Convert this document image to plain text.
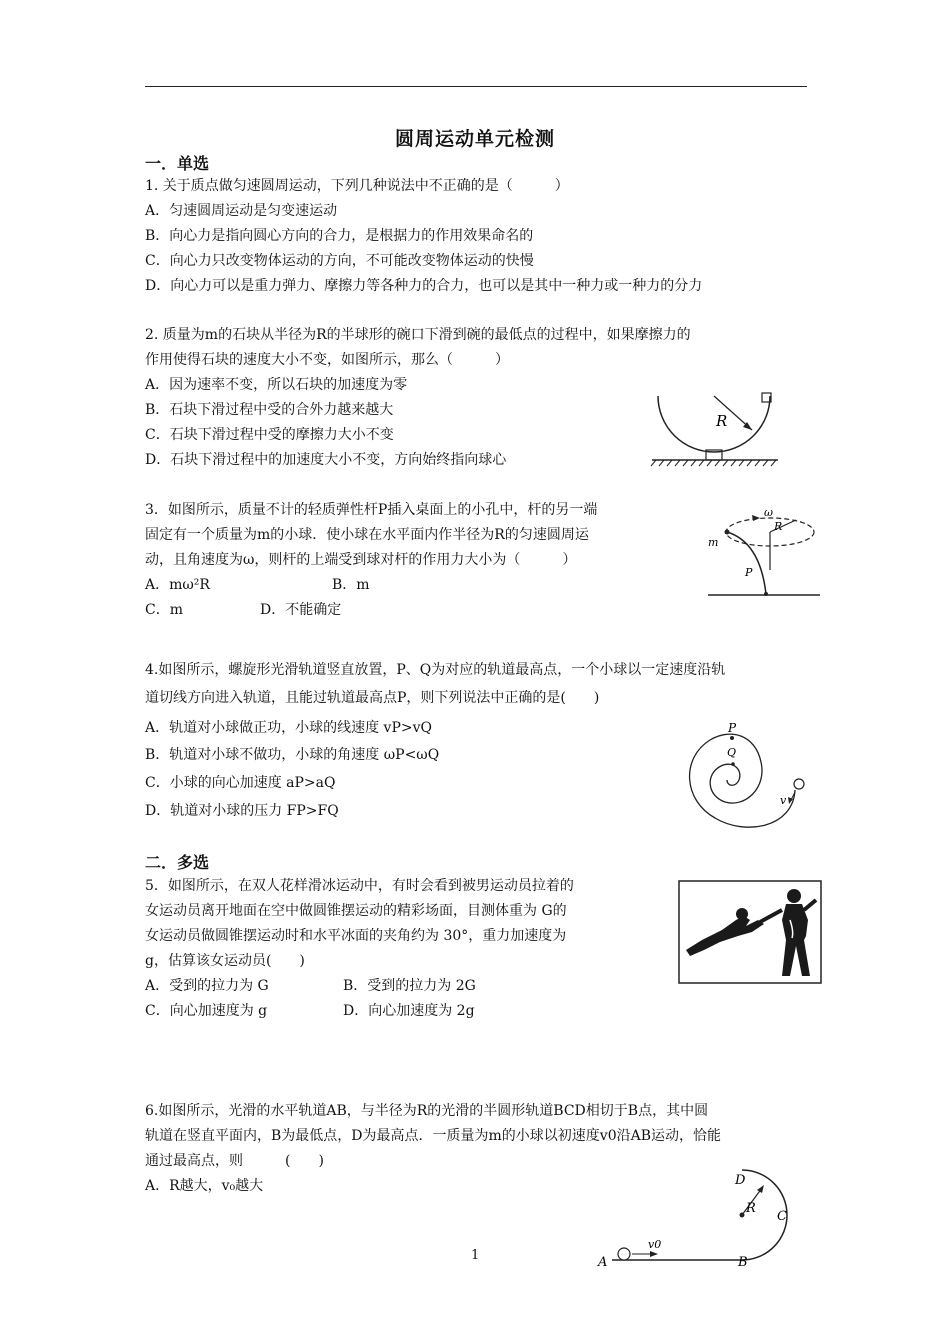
圆周运动单元检测
一．单选
1. 关于质点做匀速圆周运动，下列几种说法中不正确的是（　　　）
A．匀速圆周运动是匀变速运动
B．向心力是指向圆心方向的合力，是根据力的作用效果命名的
C．向心力只改变物体运动的方向，不可能改变物体运动的快慢
D．向心力可以是重力弹力、摩擦力等各种力的合力，也可以是其中一种力或一种力的分力
2. 质量为m的石块从半径为R的半球形的碗口下滑到碗的最低点的过程中，如果摩擦力的
作用使得石块的速度大小不变，如图所示，那么（　　　）
A．因为速率不变，所以石块的加速度为零
B．石块下滑过程中受的合外力越来越大
C．石块下滑过程中受的摩擦力大小不变
D．石块下滑过程中的加速度大小不变，方向始终指向球心
R
3．如图所示，质量不计的轻质弹性杆P插入桌面上的小孔中，杆的另一端
固定有一个质量为m的小球．使小球在水平面内作半径为R的匀速圆周运
动，且角速度为ω，则杆的上端受到球对杆的作用力大小为（　　　）
A．mω²R	B．m
C．m	D．不能确定
ω
R
m
P
4.如图所示，螺旋形光滑轨道竖直放置，P、Q为对应的轨道最高点，一个小球以一定速度沿轨
道切线方向进入轨道，且能过轨道最高点P，则下列说法中正确的是(　　)
A．轨道对小球做正功，小球的线速度 vP>vQ
B．轨道对小球不做功，小球的角速度 ωP<ωQ
C．小球的向心加速度 aP>aQ
D．轨道对小球的压力 FP>FQ
P
Q
v
二．多选
5．如图所示，在双人花样滑冰运动中，有时会看到被男运动员拉着的
女运动员离开地面在空中做圆锥摆运动的精彩场面，目测体重为 G的
女运动员做圆锥摆运动时和水平冰面的夹角约为 30°，重力加速度为
g，估算该女运动员(　　)
A．受到的拉力为 G	B．受到的拉力为 2G
C．向心加速度为 g	D．向心加速度为 2g
6.如图所示，光滑的水平轨道AB，与半径为R的光滑的半圆形轨道BCD相切于B点，其中圆
轨道在竖直平面内，B为最低点，D为最高点．一质量为m的小球以初速度v0沿AB运动，恰能
通过最高点，则　　　(　　)
A．R越大，v₀越大	D
R
C
A	B
v0
1
